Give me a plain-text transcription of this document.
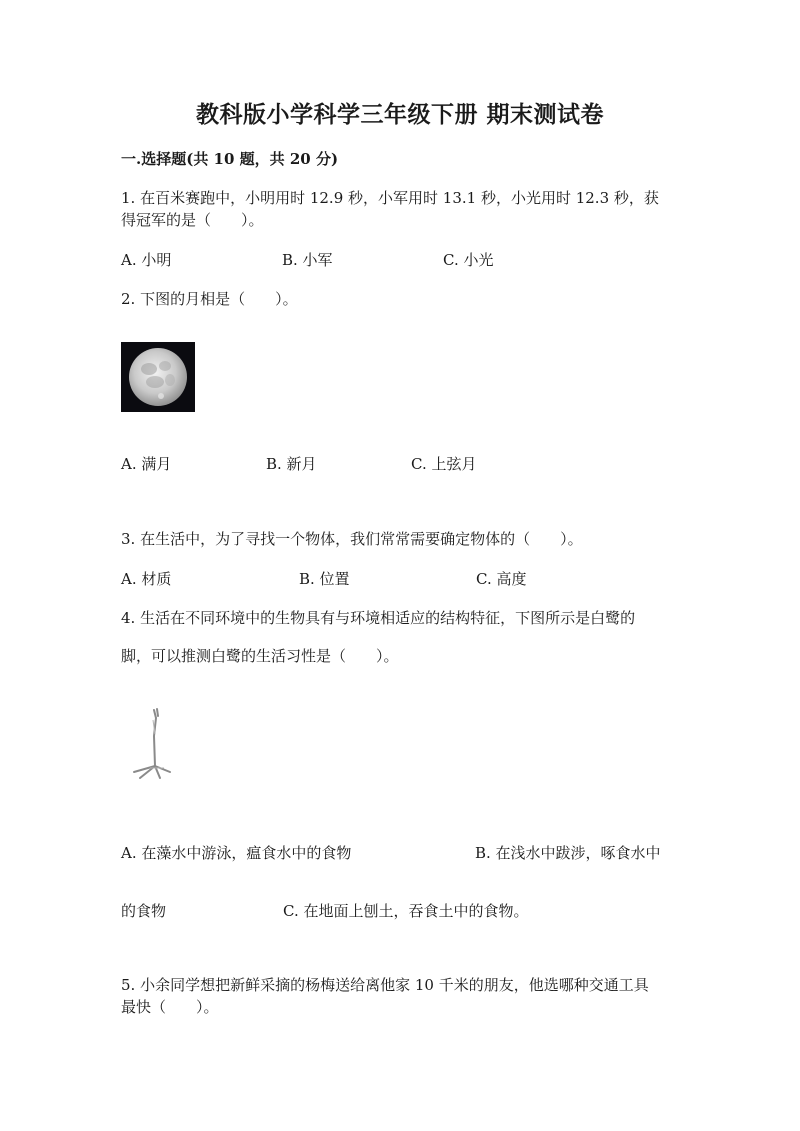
教科版小学科学三年级下册 期末测试卷
一.选择题(共 10 题，共 20 分)
1. 在百米赛跑中，小明用时 12.9 秒，小军用时 13.1 秒，小光用时 12.3 秒，获
得冠军的是（　　）。
A. 小明	B. 小军	C. 小光
2. 下图的月相是（　　）。
A. 满月	B. 新月	C. 上弦月
3. 在生活中，为了寻找一个物体，我们常常需要确定物体的（　　）。
A. 材质	B. 位置	C. 高度
4. 生活在不同环境中的生物具有与环境相适应的结构特征，下图所示是白鹭的
脚，可以推测白鹭的生活习性是（　　）。
A. 在藻水中游泳，瘟食水中的食物	B. 在浅水中跋涉，啄食水中
的食物	C. 在地面上刨土，吞食土中的食物。
5. 小余同学想把新鲜采摘的杨梅送给离他家 10 千米的朋友，他选哪种交通工具
最快（　　）。
